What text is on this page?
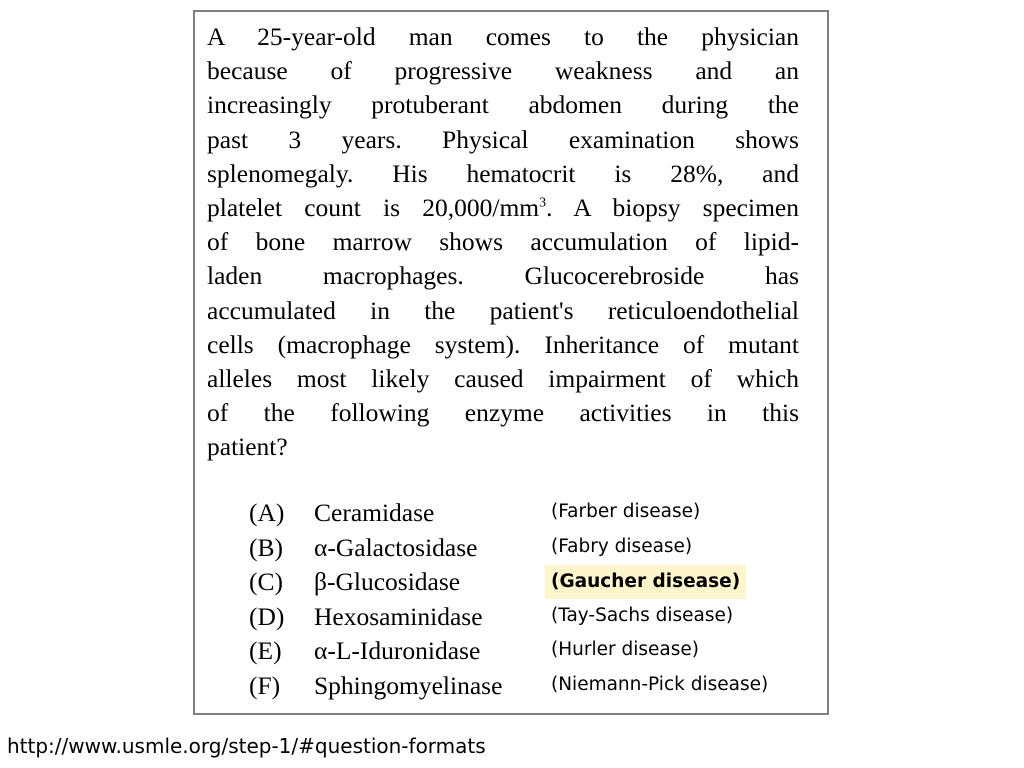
A 25-year-old man comes to the physician
because of progressive weakness and an
increasingly protuberant abdomen during the
past 3 years. Physical examination shows
splenomegaly. His hematocrit is 28%, and
platelet count is $20,000/mm^3$. A biopsy specimen
of bone marrow shows accumulation of lipid-
laden macrophages. Glucocerebroside has
accumulated in the patient's reticuloendothelial
cells (macrophage system). Inheritance of mutant
alleles most likely caused impairment of which
of the following enzyme activities in this
patient?

(A) Ceramidase	(Farber disease)
(B) α-Galactosidase	(Fabry disease)
(C) β-Glucosidase	(Gaucher disease)
(D) Hexosaminidase	(Tay-Sachs disease)
(E) α-L-Iduronidase	(Hurler disease)
(F) Sphingomyelinase	(Niemann-Pick disease)
http://www.usmle.org/step-1/#question-formats
